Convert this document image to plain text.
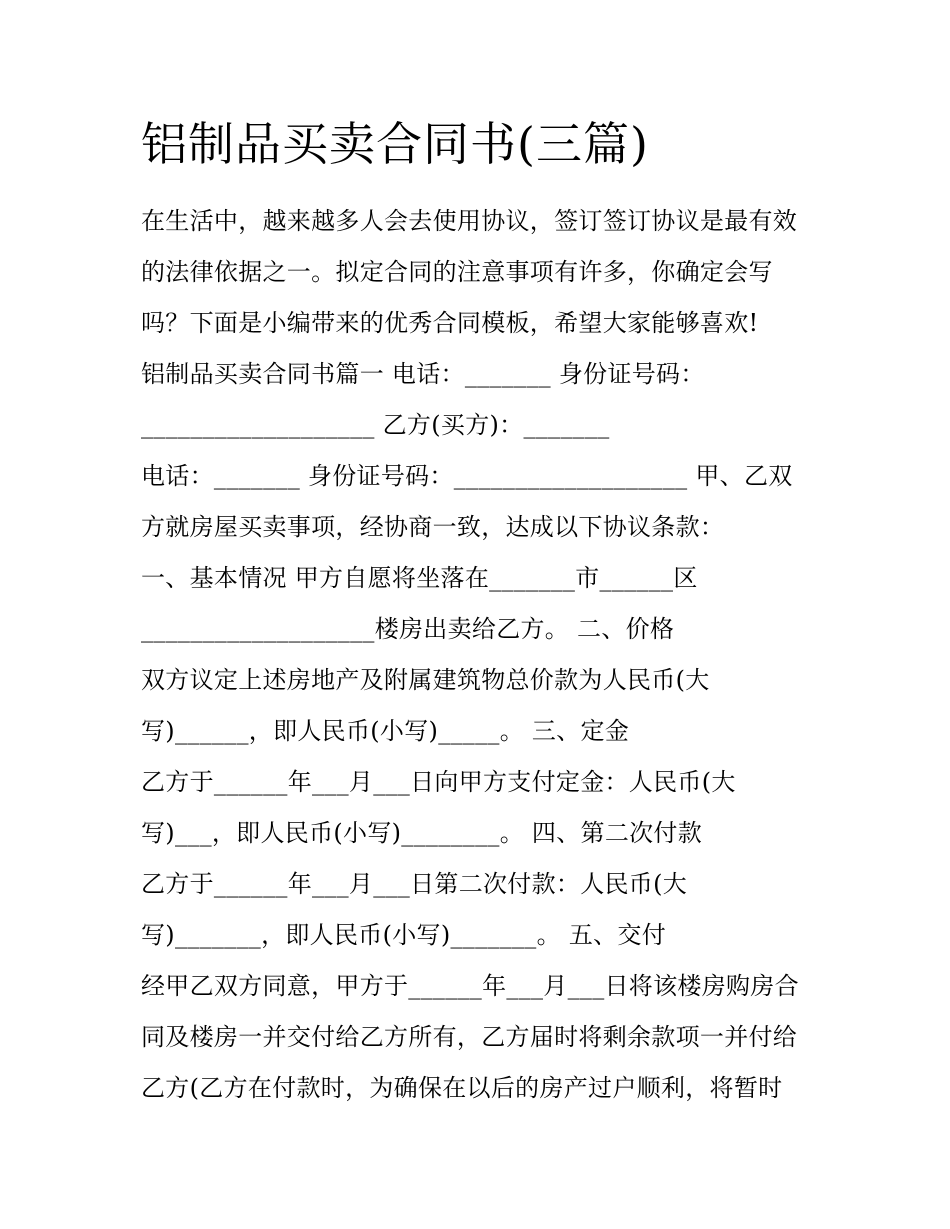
铝制品买卖合同书(三篇)
在生活中，越来越多人会去使用协议，签订签订协议是最有效
的法律依据之一。拟定合同的注意事项有许多，你确定会写
吗？下面是小编带来的优秀合同模板，希望大家能够喜欢!
铝制品买卖合同书篇一 电话：_______ 身份证号码：
___________________ 乙方(买方)：_______
电话：_______ 身份证号码：___________________ 甲、乙双
方就房屋买卖事项，经协商一致，达成以下协议条款：
一、基本情况 甲方自愿将坐落在_______市______区
___________________楼房出卖给乙方。 二、价格
双方议定上述房地产及附属建筑物总价款为人民币(大
写)______，即人民币(小写)_____。 三、定金
乙方于______年___月___日向甲方支付定金：人民币(大
写)___，即人民币(小写)________。 四、第二次付款
乙方于______年___月___日第二次付款：人民币(大
写)_______，即人民币(小写)_______。 五、交付
经甲乙双方同意，甲方于______年___月___日将该楼房购房合
同及楼房一并交付给乙方所有，乙方届时将剩余款项一并付给
乙方(乙方在付款时，为确保在以后的房产过户顺利，将暂时
